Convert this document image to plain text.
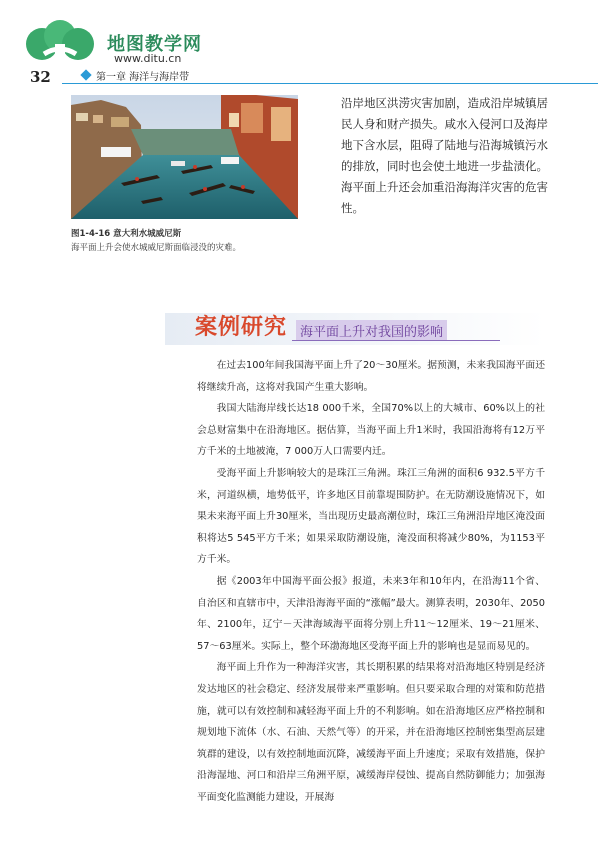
地图教学网
www.ditu.cn
32	第一章 海洋与海岸带
图1-4-16 意大利水城威尼斯
海平面上升会使水城威尼斯面临浸没的灾难。
沿岸地区洪涝灾害加剧，造成沿岸城镇居民人身和财产损失。咸水入侵河口及海岸地下含水层，阻碍了陆地与沿海城镇污水的排放，同时也会使土地进一步盐渍化。海平面上升还会加重沿海海洋灾害的危害性。
案例研究 海平面上升对我国的影响

在过去100年间我国海平面上升了20～30厘米。据预测，未来我国海平面还将继续升高，这将对我国产生重大影响。

我国大陆海岸线长达18 000千米，全国70%以上的大城市、60%以上的社会总财富集中在沿海地区。据估算，当海平面上升1米时，我国沿海将有12万平方千米的土地被淹，7 000万人口需要内迁。

受海平面上升影响较大的是珠江三角洲。珠江三角洲的面积6 932.5平方千米，河道纵横，地势低平，许多地区目前靠堤围防护。在无防潮设施情况下，如果未来海平面上升30厘米，当出现历史最高潮位时，珠江三角洲沿岸地区淹没面积将达5 545平方千米；如果采取防潮设施，淹没面积将减少80%，为1153平方千米。

据《2003年中国海平面公报》报道，未来3年和10年内，在沿海11个省、自治区和直辖市中，天津沿海海平面的“涨幅”最大。测算表明，2030年、2050年、2100年，辽宁－天津海域海平面将分别上升11～12厘米、19～21厘米、57～63厘米。实际上，整个环渤海地区受海平面上升的影响也是显而易见的。

海平面上升作为一种海洋灾害，其长期积累的结果将对沿海地区特别是经济发达地区的社会稳定、经济发展带来严重影响。但只要采取合理的对策和防范措施，就可以有效控制和减轻海平面上升的不利影响。如在沿海地区应严格控制和规划地下流体（水、石油、天然气等）的开采，并在沿海地区控制密集型高层建筑群的建设，以有效控制地面沉降，减缓海平面上升速度；采取有效措施，保护沿海湿地、河口和沿岸三角洲平原，减缓海岸侵蚀、提高自然防御能力；加强海平面变化监测能力建设，开展海
